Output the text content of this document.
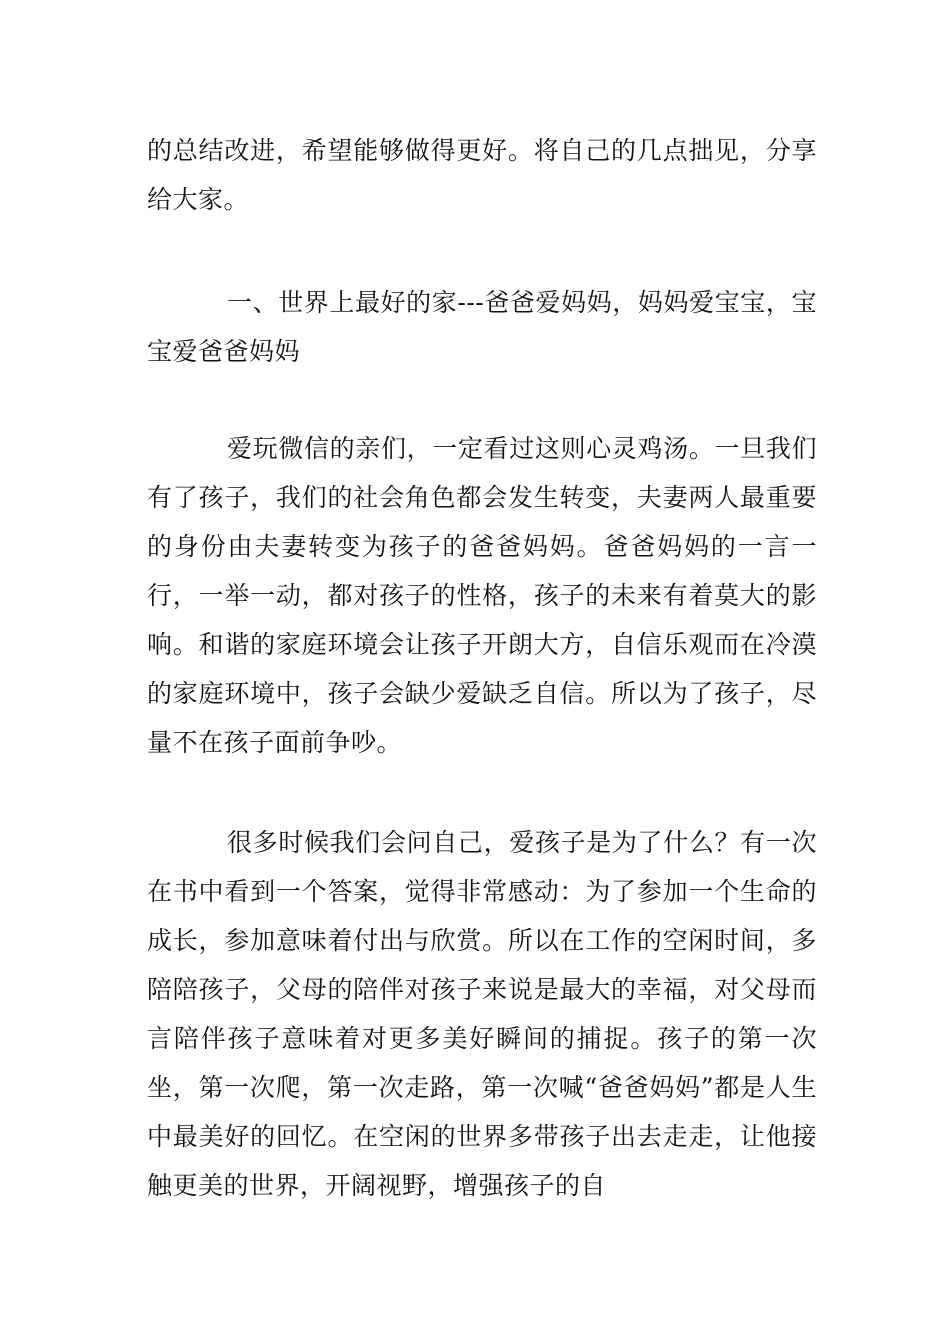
的总结改进，希望能够做得更好。将自己的几点拙见，分享给大家。

一、世界上最好的家---爸爸爱妈妈，妈妈爱宝宝，宝宝爱爸爸妈妈

爱玩微信的亲们，一定看过这则心灵鸡汤。一旦我们有了孩子，我们的社会角色都会发生转变，夫妻两人最重要的身份由夫妻转变为孩子的爸爸妈妈。爸爸妈妈的一言一行，一举一动，都对孩子的性格，孩子的未来有着莫大的影响。和谐的家庭环境会让孩子开朗大方，自信乐观而在冷漠的家庭环境中，孩子会缺少爱缺乏自信。所以为了孩子，尽量不在孩子面前争吵。

很多时候我们会问自己，爱孩子是为了什么？有一次在书中看到一个答案，觉得非常感动：为了参加一个生命的成长，参加意味着付出与欣赏。所以在工作的空闲时间，多陪陪孩子，父母的陪伴对孩子来说是最大的幸福，对父母而言陪伴孩子意味着对更多美好瞬间的捕捉。孩子的第一次坐，第一次爬，第一次走路，第一次喊“爸爸妈妈”都是人生中最美好的回忆。在空闲的世界多带孩子出去走走，让他接触更美的世界，开阔视野，增强孩子的自
